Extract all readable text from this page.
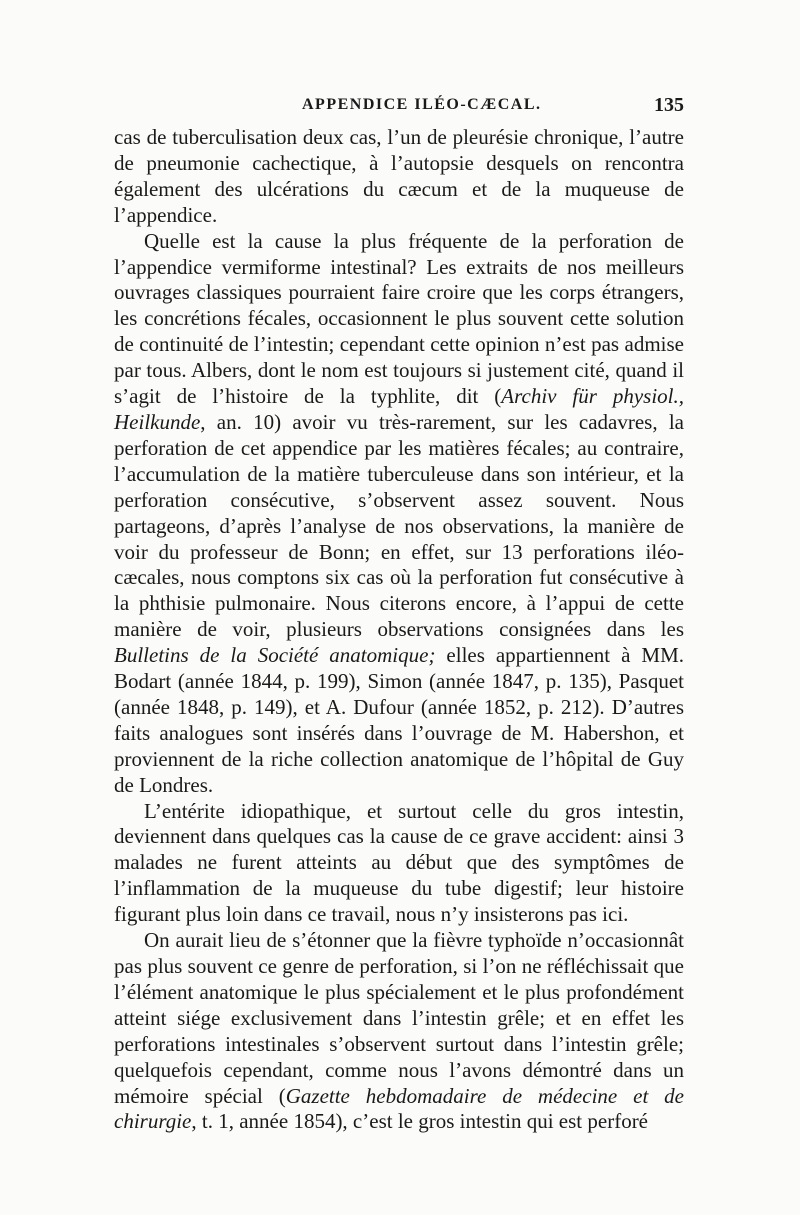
APPENDICE ILÉO-CÆCAL.	135

cas de tuberculisation deux cas, l’un de pleurésie chronique, l’autre de pneumonie cachectique, à l’autopsie desquels on rencontra également des ulcérations du cæcum et de la muqueuse de l’appendice.

Quelle est la cause la plus fréquente de la perforation de l’appendice vermiforme intestinal? Les extraits de nos meilleurs ouvrages classiques pourraient faire croire que les corps étrangers, les concrétions fécales, occasionnent le plus souvent cette solution de continuité de l’intestin; cependant cette opinion n’est pas admise par tous. Albers, dont le nom est toujours si justement cité, quand il s’agit de l’histoire de la typhlite, dit (Archiv für physiol., Heilkunde, an. 10) avoir vu très-rarement, sur les cadavres, la perforation de cet appendice par les matières fécales; au contraire, l’accumulation de la matière tuberculeuse dans son intérieur, et la perforation consécutive, s’observent assez souvent. Nous partageons, d’après l’analyse de nos observations, la manière de voir du professeur de Bonn; en effet, sur 13 perforations iléo-cæcales, nous comptons six cas où la perforation fut consécutive à la phthisie pulmonaire. Nous citerons encore, à l’appui de cette manière de voir, plusieurs observations consignées dans les Bulletins de la Société anatomique; elles appartiennent à MM. Bodart (année 1844, p. 199), Simon (année 1847, p. 135), Pasquet (année 1848, p. 149), et A. Dufour (année 1852, p. 212). D’autres faits analogues sont insérés dans l’ouvrage de M. Habershon, et proviennent de la riche collection anatomique de l’hôpital de Guy de Londres.

L’entérite idiopathique, et surtout celle du gros intestin, deviennent dans quelques cas la cause de ce grave accident: ainsi 3 malades ne furent atteints au début que des symptômes de l’inflammation de la muqueuse du tube digestif; leur histoire figurant plus loin dans ce travail, nous n’y insisterons pas ici.

On aurait lieu de s’étonner que la fièvre typhoïde n’occasionnât pas plus souvent ce genre de perforation, si l’on ne réfléchissait que l’élément anatomique le plus spécialement et le plus profondément atteint siége exclusivement dans l’intestin grêle; et en effet les perforations intestinales s’observent surtout dans l’intestin grêle; quelquefois cependant, comme nous l’avons démontré dans un mémoire spécial (Gazette hebdomadaire de médecine et de chirurgie, t. 1, année 1854), c’est le gros intestin qui est perforé
